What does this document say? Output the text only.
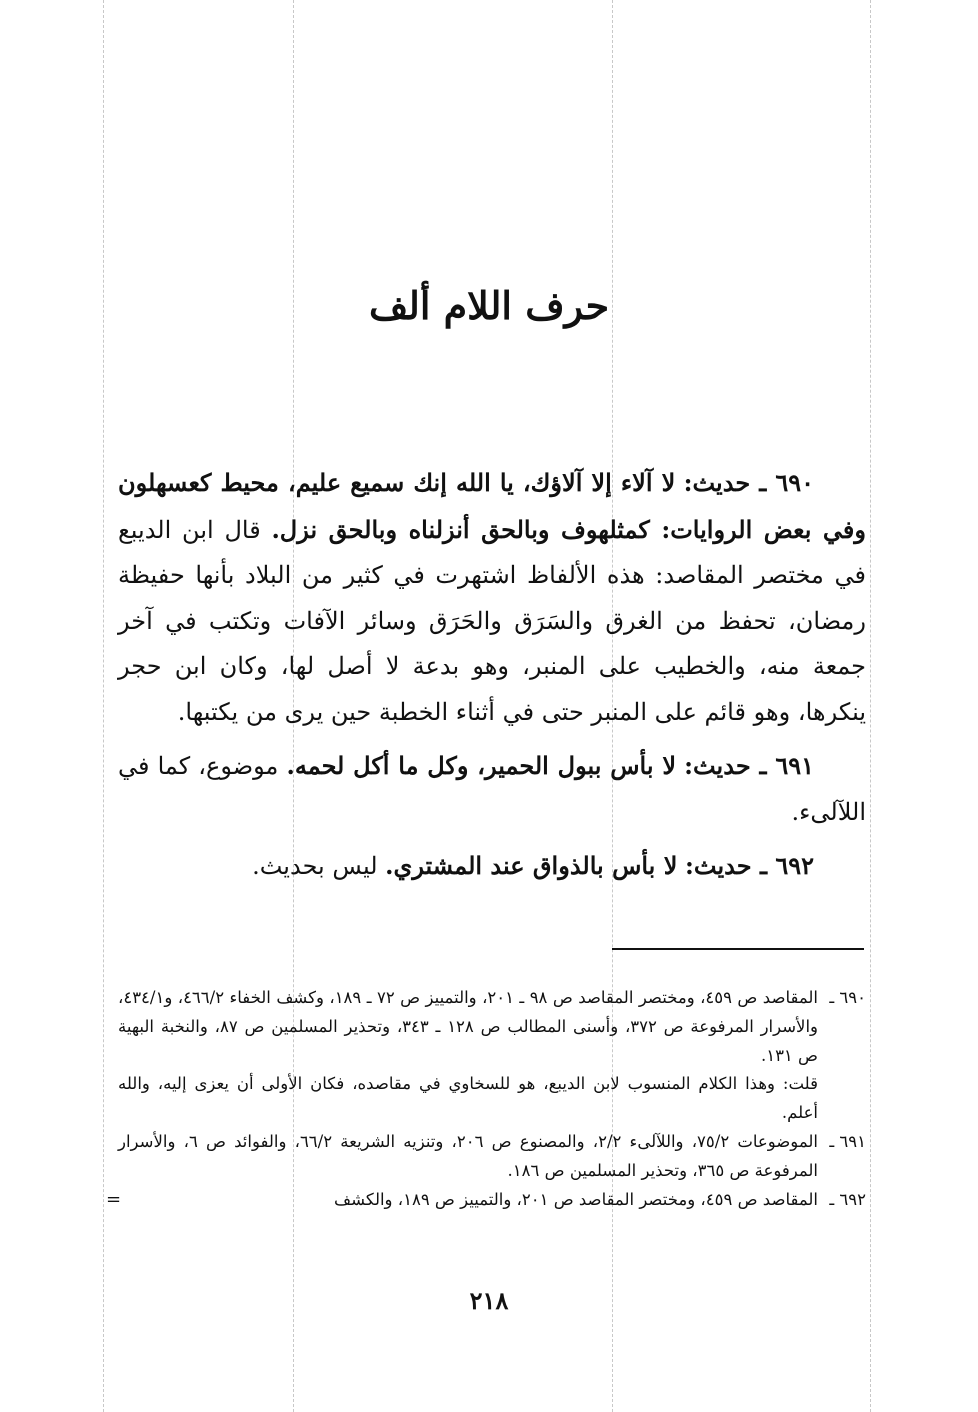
حرف اللام ألف

٦٩٠ ـ حديث: لا آلاء إلا آلاؤك، يا الله إنك سميع عليم، محيط كعسهلون وفي بعض الروايات: كمثلهوف وبالحق أنزلناه وبالحق نزل. قال ابن الديبع في مختصر المقاصد: هذه الألفاظ اشتهرت في كثير من البلاد بأنها حفيظة رمضان، تحفظ من الغرق والسَرَق والحَرَق وسائر الآفات وتكتب في آخر جمعة منه، والخطيب على المنبر، وهو بدعة لا أصل لها، وكان ابن حجر ينكرها، وهو قائم على المنبر حتى في أثناء الخطبة حين يرى من يكتبها.

٦٩١ ـ حديث: لا بأس ببول الحمير، وكل ما أكل لحمه. موضوع، كما في اللآلىء.

٦٩٢ ـ حديث: لا بأس بالذواق عند المشتري. ليس بحديث.

٦٩٠ ـ
المقاصد ص ٤٥٩، ومختصر المقاصد ص ٩٨ ـ ٢٠١، والتمييز ص ٧٢ ـ ١٨٩، وكشف الخفاء ٤٦٦/٢، و٤٣٤/١، والأسرار المرفوعة ص ٣٧٢، وأسنى المطالب ص ١٢٨ ـ ٣٤٣، وتحذير المسلمين ص ٨٧، والنخبة البهية ص ١٣١.
قلت: وهذا الكلام المنسوب لابن الديبع، هو للسخاوي في مقاصده، فكان الأولى أن يعزى إليه، والله أعلم.
٦٩١ ـ
الموضوعات ٧٥/٢، واللآلىء ٢/٢، والمصنوع ص ٢٠٦، وتنزيه الشريعة ٦٦/٢، والفوائد ص ٦، والأسرار المرفوعة ص ٣٦٥، وتحذير المسلمين ص ١٨٦.
٦٩٢ ـ
المقاصد ص ٤٥٩، ومختصر المقاصد ص ٢٠١، والتمييز ص ١٨٩، والكشف
=
٢١٨
